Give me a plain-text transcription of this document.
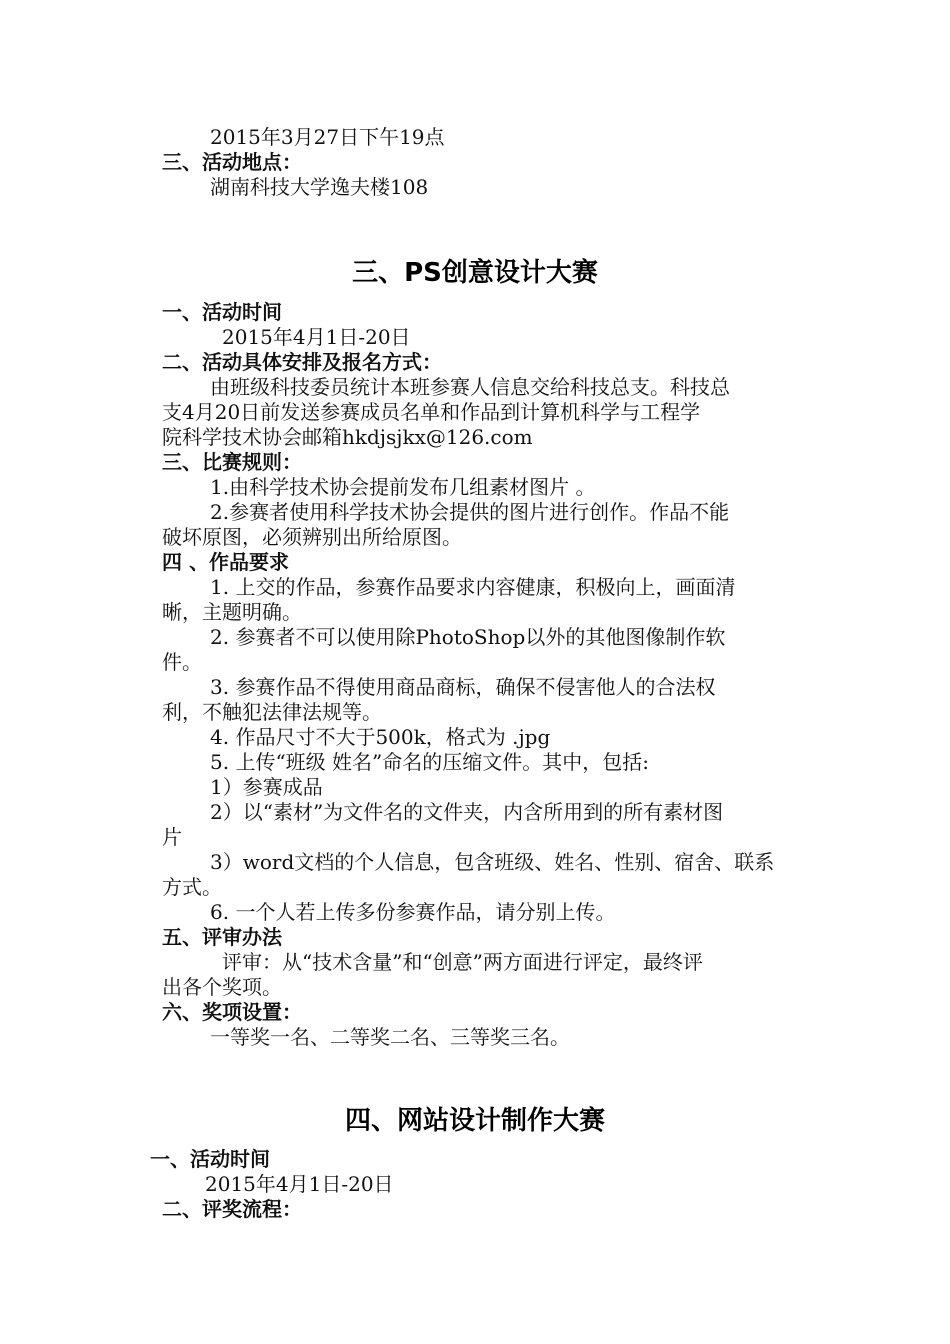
2015年3月27日下午19点
三、活动地点：
湖南科技大学逸夫楼108
三、PS创意设计大赛
一、活动时间
2015年4月1日-20日
二、活动具体安排及报名方式：
由班级科技委员统计本班参赛人信息交给科技总支。科技总
支4月20日前发送参赛成员名单和作品到计算机科学与工程学
院科学技术协会邮箱hkdjsjkx@126.com
三、比赛规则：
1.由科学技术协会提前发布几组素材图片 。
2.参赛者使用科学技术协会提供的图片进行创作。作品不能
破坏原图，必须辨别出所给原图。
四 、作品要求
1. 上交的作品，参赛作品要求内容健康，积极向上，画面清
晰，主题明确。
2. 参赛者不可以使用除PhotoShop以外的其他图像制作软
件。
3. 参赛作品不得使用商品商标，确保不侵害他人的合法权
利，不触犯法律法规等。
4. 作品尺寸不大于500k，格式为 .jpg
5. 上传“班级 姓名”命名的压缩文件。其中，包括:
1）参赛成品
2）以“素材”为文件名的文件夹，内含所用到的所有素材图
片
3）word文档的个人信息，包含班级、姓名、性别、宿舍、联系
方式。
6. 一个人若上传多份参赛作品，请分别上传。
五、评审办法
评审：从“技术含量”和“创意”两方面进行评定，最终评
出各个奖项。
六、奖项设置：
一等奖一名、二等奖二名、三等奖三名。
四、网站设计制作大赛
一、活动时间
2015年4月1日-20日
二、评奖流程：
